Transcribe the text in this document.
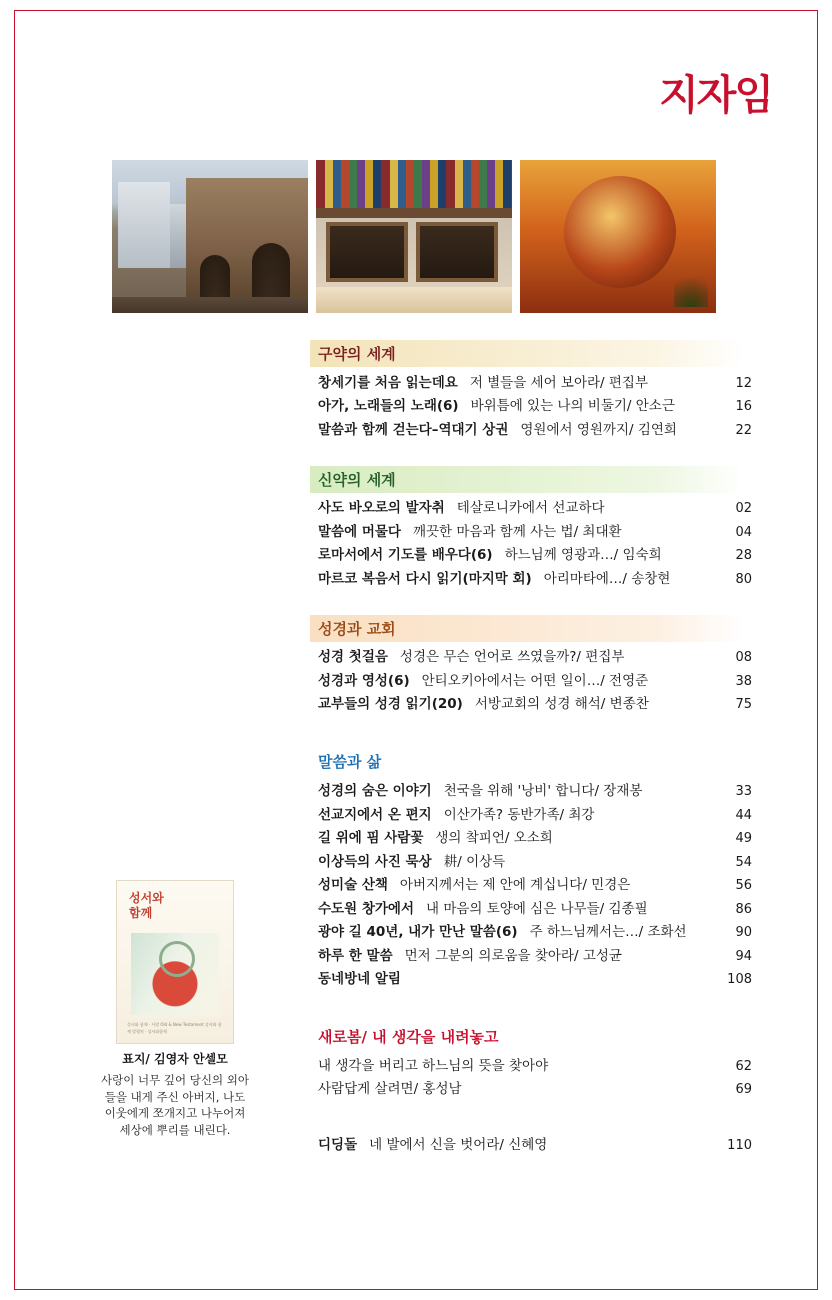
지자임
구약의 세계
창세기를 처음 읽는데요 저 별들을 세어 보아라/ 편집부	12
아가, 노래들의 노래(6) 바위틈에 있는 나의 비둘기/ 안소근	16
말씀과 함께 걷는다–역대기 상권 영원에서 영원까지/ 김연희	22
신약의 세계
사도 바오로의 발자취 테살로니카에서 선교하다	02
말씀에 머물다 깨끗한 마음과 함께 사는 법/ 최대환	04
로마서에서 기도를 배우다(6) 하느님께 영광과…/ 임숙희	28
마르코 복음서 다시 읽기(마지막 회) 아리마타에…/ 송창현	80
성경과 교회
성경 첫걸음 성경은 무슨 언어로 쓰였을까?/ 편집부	08
성경과 영성(6) 안티오키아에서는 어떤 일이…/ 전영준	38
교부들의 성경 읽기(20) 서방교회의 성경 해석/ 변종찬	75
말씀과 삶
성경의 숨은 이야기 천국을 위해 '낭비' 합니다/ 장재봉	33
선교지에서 온 편지 이산가족? 동반가족/ 최강	44
길 위에 핌 사람꽃 생의 챀피언/ 오소희	49
이상득의 사진 묵상 耕/ 이상득	54
성미술 산책 아버지께서는 제 안에 계십니다/ 민경은	56
수도원 창가에서 내 마음의 토양에 심은 나무들/ 김종필	86
광야 길 40년, 내가 만난 말씀(6) 주 하느님께서는…/ 조화선	90
하루 한 말씀 먼저 그분의 의로움을 찾아라/ 고성균	94
동네방네 알림	108
새로봄/ 내 생각을 내려놓고
내 생각을 버리고 하느님의 뜻을 찾아야	62
사람답게 살려면/ 홍성남	69
디딩돌 네 발에서 신을 벗어라/ 신혜영	110
성서와
함께
성서와 함께 · 사랑 Old & New Testament 성서와 함께 발행처 · 성서와함께
표지/ 김영자 안셀모
사랑이 너무 깊어 당신의 외아들을 내게 주신 아버지, 나도 이웃에게 쪼개지고 나누어져 세상에 뿌리를 내린다.
